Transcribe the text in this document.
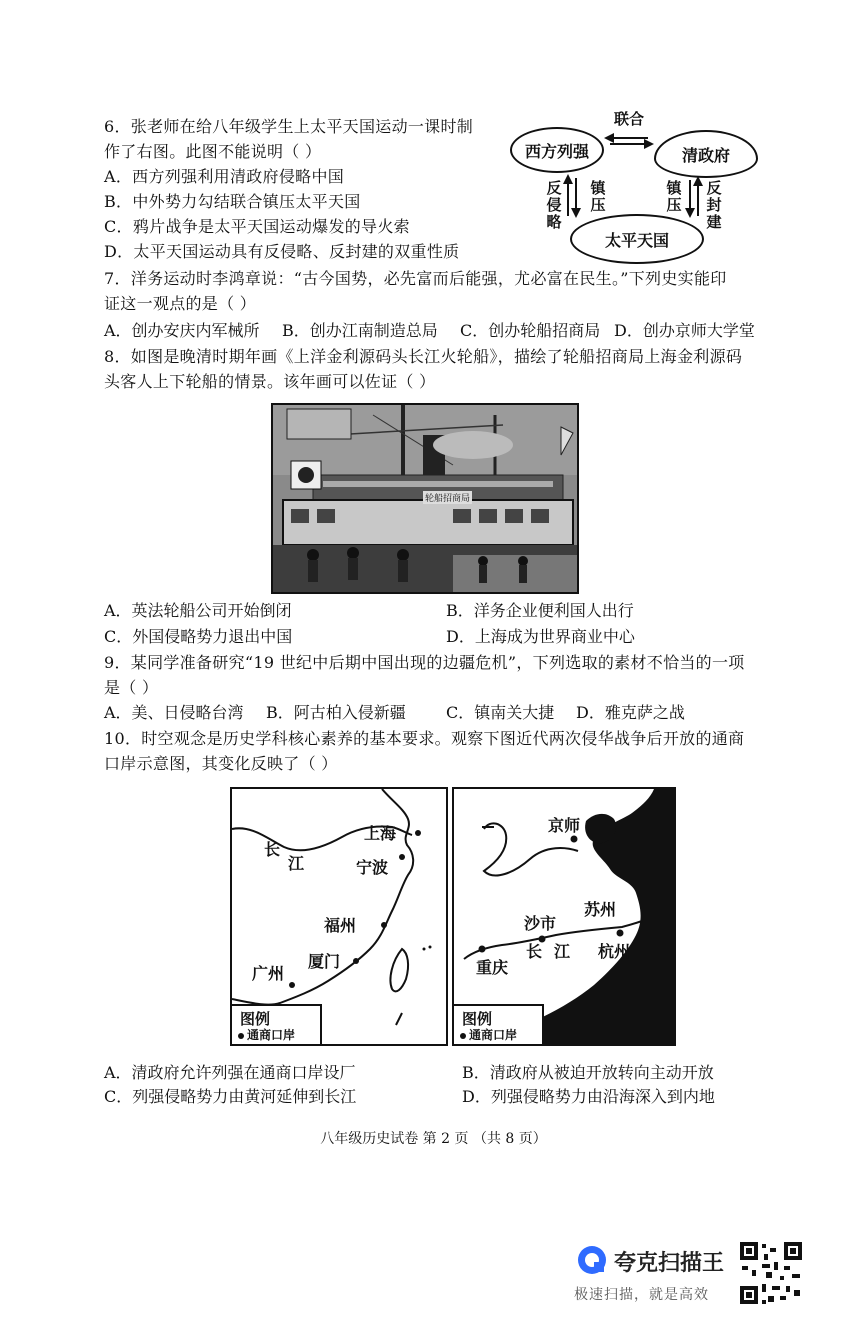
6．张老师在给八年级学生上太平天国运动一课时制
作了右图。此图不能说明（ ）
A．西方列强利用清政府侵略中国
B．中外势力勾结联合镇压太平天国
C．鸦片战争是太平天国运动爆发的导火索
D．太平天国运动具有反侵略、反封建的双重性质
西方列强	清政府
太平天国
联合
反侵略
镇压
镇压
反封建
7．洋务运动时李鸿章说：“古今国势，必先富而后能强，尤必富在民生。”下列史实能印
证这一观点的是（ ）
A．创办安庆内军械所 B．创办江南制造总局 C．创办轮船招商局 D．创办京师大学堂
8．如图是晚清时期年画《上洋金利源码头长江火轮船》，描绘了轮船招商局上海金利源码
头客人上下轮船的情景。该年画可以佐证（ ）
轮船招商局
A．英法轮船公司开始倒闭	B．洋务企业便利国人出行
C．外国侵略势力退出中国	D．上海成为世界商业中心
9．某同学准备研究“19 世纪中后期中国出现的边疆危机”，下列选取的素材不恰当的一项
是（ ）
A．美、日侵略台湾 B．阿古柏入侵新疆	C．镇南关大捷 D．雅克萨之战
10．时空观念是历史学科核心素养的基本要求。观察下图近代两次侵华战争后开放的通商
口岸示意图，其变化反映了（ ）
长
江
上海
宁波
福州
厦门
广州
图例
通商口岸
京师
苏州
沙市
长 江 杭州
重庆
图例
通商口岸
A．清政府允许列强在通商口岸设厂	B．清政府从被迫开放转向主动开放
C．列强侵略势力由黄河延伸到长江	D．列强侵略势力由沿海深入到内地
八年级历史试卷 第 2 页 （共 8 页）
夸克扫描王
极速扫描，就是高效
